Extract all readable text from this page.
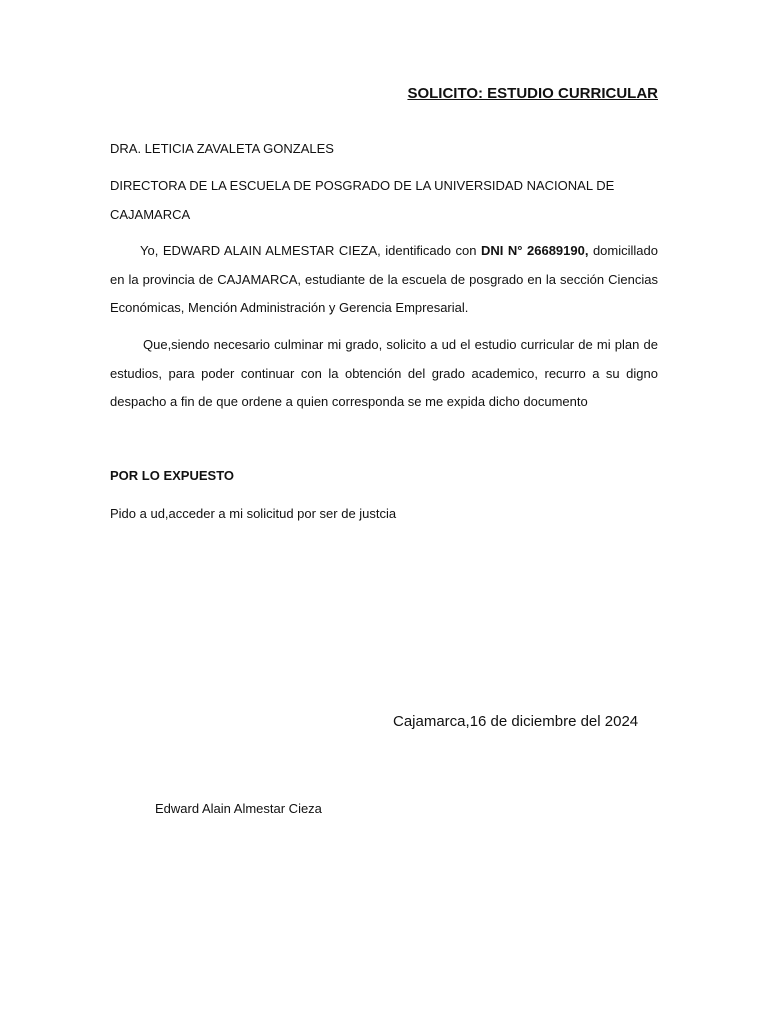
SOLICITO: ESTUDIO CURRICULAR
DRA. LETICIA ZAVALETA GONZALES
DIRECTORA DE LA ESCUELA DE POSGRADO DE LA UNIVERSIDAD NACIONAL DE
CAJAMARCA
Yo, EDWARD ALAIN ALMESTAR CIEZA, identificado con DNI N° 26689190, domicillado en la provincia de CAJAMARCA, estudiante de la escuela de posgrado en la sección Ciencias Económicas, Mención Administración y Gerencia Empresarial.
Que,siendo necesario culminar mi grado, solicito a ud el estudio curricular de mi plan de estudios, para poder continuar con la obtención del grado academico, recurro a su digno despacho a fin de que ordene a quien corresponda se me expida dicho documento
POR LO EXPUESTO
Pido a ud,acceder a mi solicitud por ser de justcia
Cajamarca,16 de diciembre del 2024
Edward Alain Almestar Cieza
